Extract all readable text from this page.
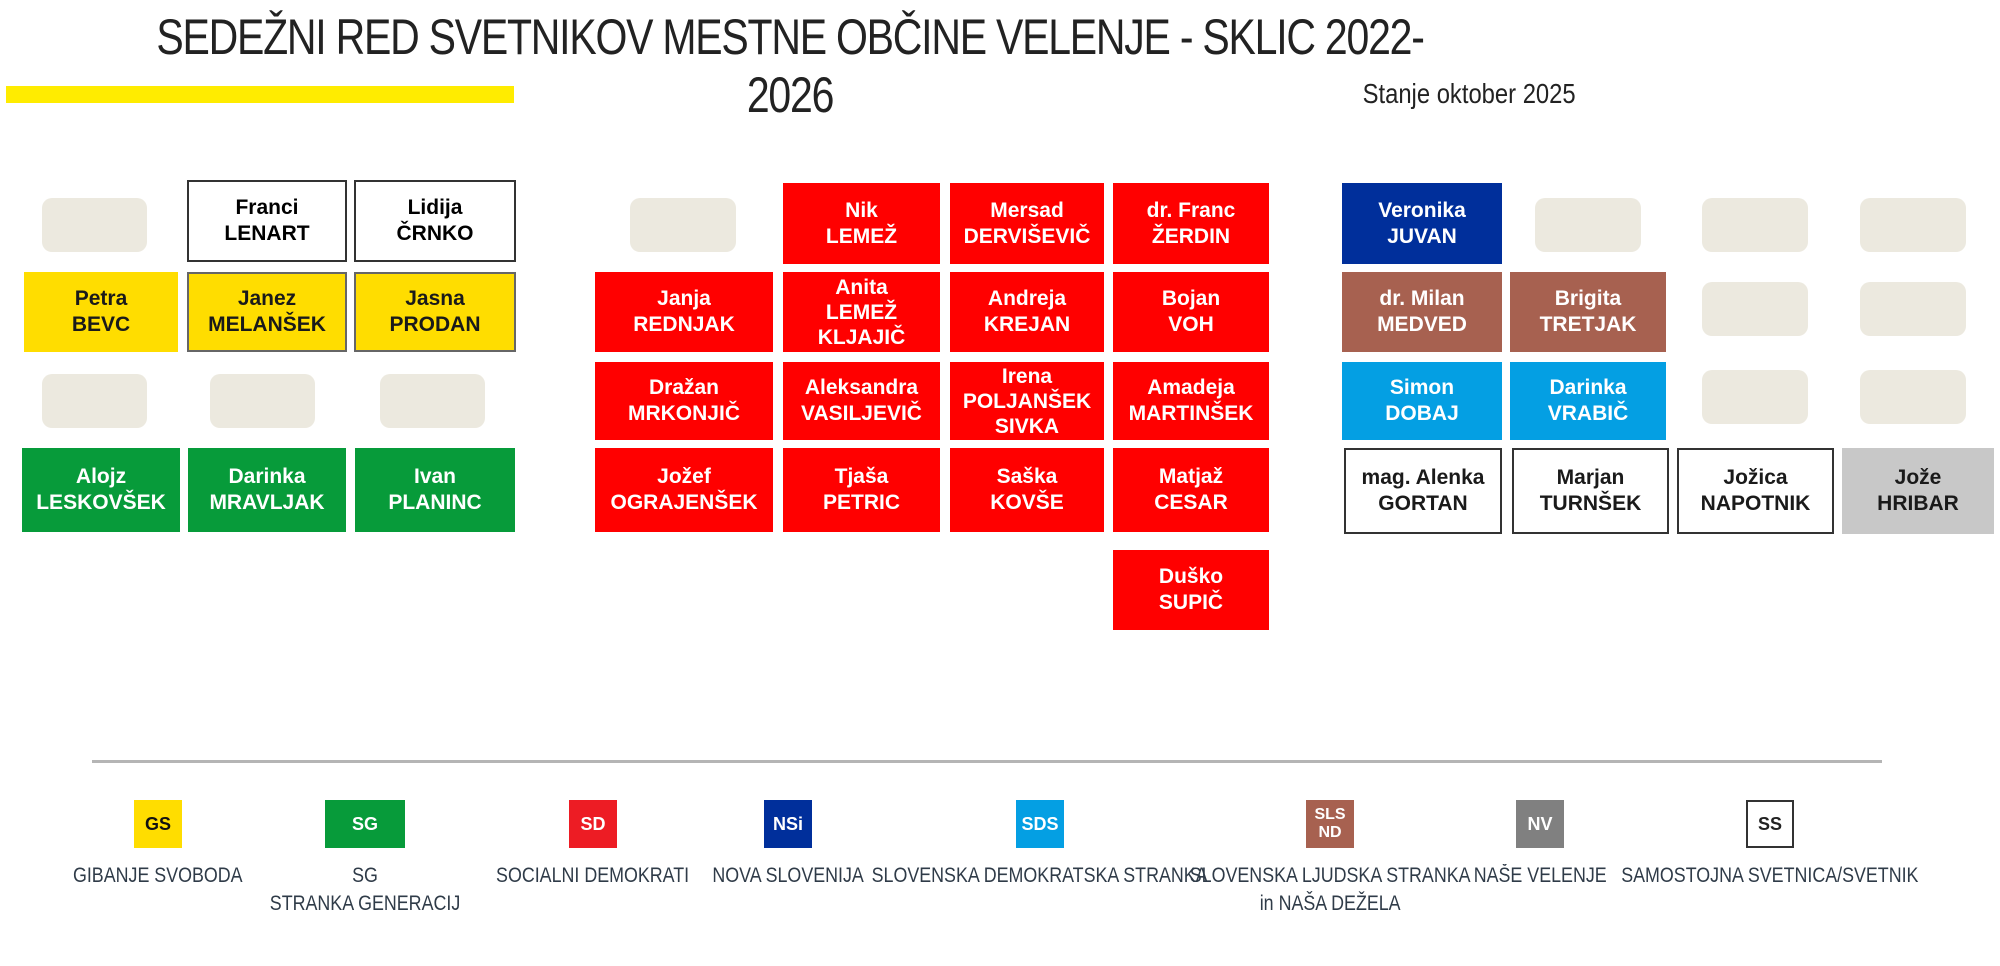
SEDEŽNI RED SVETNIKOV MESTNE OBČINE VELENJE - SKLIC 2022-2026	Stanje oktober 2025
Franci
LENART
Lidija
ČRNKO
Petra
BEVC
Janez
MELANŠEK
Jasna
PRODAN
Alojz
LESKOVŠEK
Darinka
MRAVLJAK
Ivan
PLANINC
Nik
LEMEŽ
Mersad
DERVIŠEVIČ
dr. Franc
ŽERDIN
Janja
REDNJAK
Anita
LEMEŽ
KLJAJIČ
Andreja
KREJAN
Bojan
VOH
Dražan
MRKONJIČ
Aleksandra
VASILJEVIČ
Irena
POLJANŠEK
SIVKA
Amadeja
MARTINŠEK
Jožef
OGRAJENŠEK
Tjaša
PETRIC
Saška
KOVŠE
Matjaž
CESAR
Duško
SUPIČ
Veronika
JUVAN
dr. Milan
MEDVED
Brigita
TRETJAK
Simon
DOBAJ
Darinka
VRABIČ
mag. Alenka
GORTAN
Marjan
TURNŠEK
Jožica
NAPOTNIK
Jože
HRIBAR
GS
GIBANJE SVOBODA
SG
SG
STRANKA GENERACIJ
SD
SOCIALNI DEMOKRATI
NSi
NOVA SLOVENIJA
SDS
SLOVENSKA DEMOKRATSKA STRANKA
SLS
ND
SLOVENSKA LJUDSKA STRANKA
in NAŠA DEŽELA
NV
NAŠE VELENJE
SS
SAMOSTOJNA SVETNICA/SVETNIK
